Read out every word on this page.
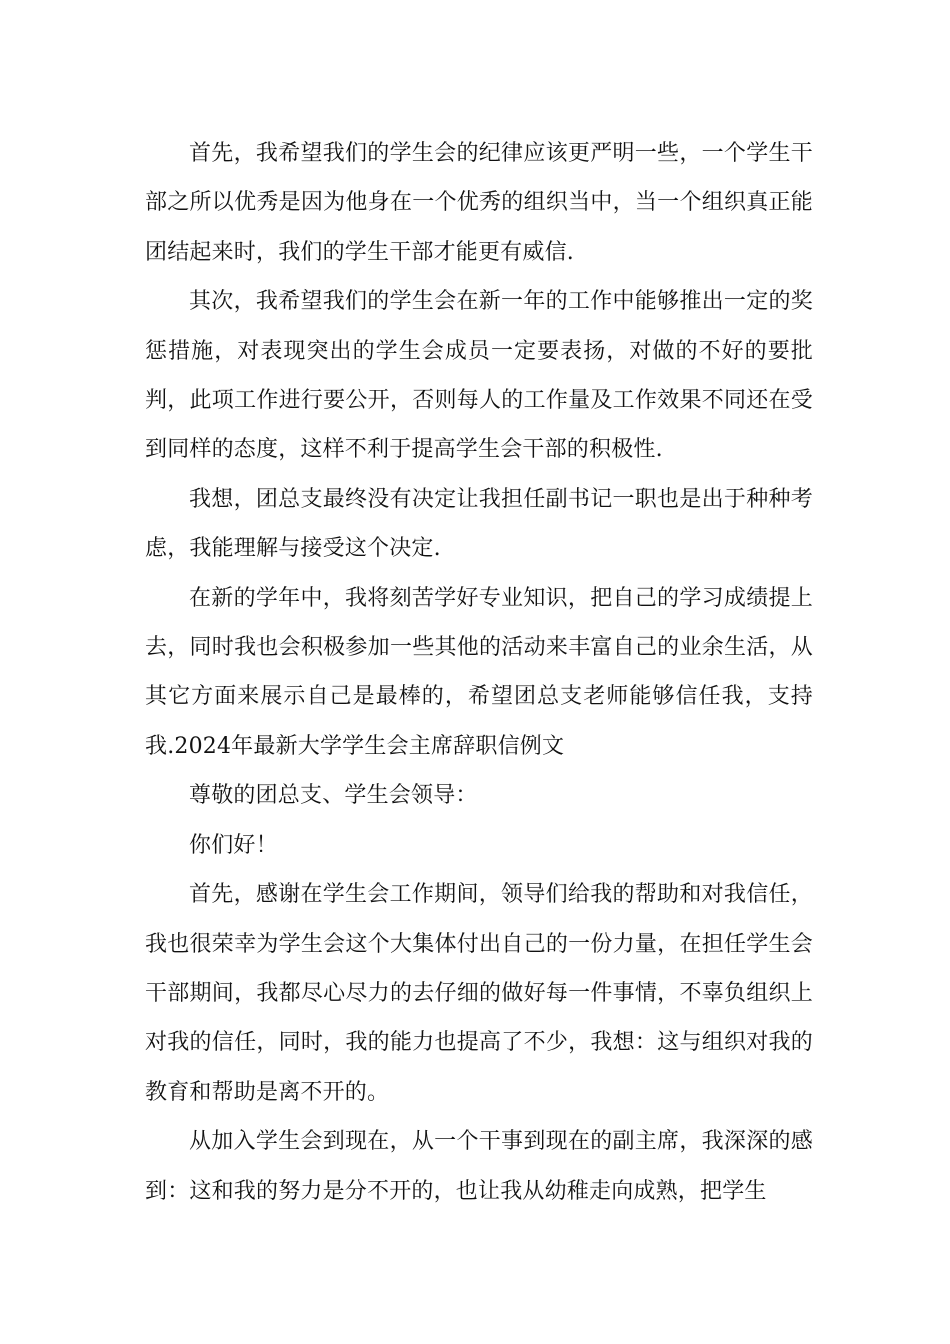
首先，我希望我们的学生会的纪律应该更严明一些，一个学生干部之所以优秀是因为他身在一个优秀的组织当中，当一个组织真正能团结起来时，我们的学生干部才能更有威信.

其次，我希望我们的学生会在新一年的工作中能够推出一定的奖惩措施，对表现突出的学生会成员一定要表扬，对做的不好的要批判，此项工作进行要公开，否则每人的工作量及工作效果不同还在受到同样的态度，这样不利于提高学生会干部的积极性.

我想，团总支最终没有决定让我担任副书记一职也是出于种种考虑，我能理解与接受这个决定.

在新的学年中，我将刻苦学好专业知识，把自己的学习成绩提上去，同时我也会积极参加一些其他的活动来丰富自己的业余生活，从其它方面来展示自己是最棒的，希望团总支老师能够信任我，支持我.2024年最新大学学生会主席辞职信例文

尊敬的团总支、学生会领导：

你们好！

首先，感谢在学生会工作期间，领导们给我的帮助和对我信任，我也很荣幸为学生会这个大集体付出自己的一份力量，在担任学生会干部期间，我都尽心尽力的去仔细的做好每一件事情，不辜负组织上对我的信任，同时，我的能力也提高了不少，我想：这与组织对我的教育和帮助是离不开的。

从加入学生会到现在，从一个干事到现在的副主席，我深深的感到：这和我的努力是分不开的，也让我从幼稚走向成熟，把学生
